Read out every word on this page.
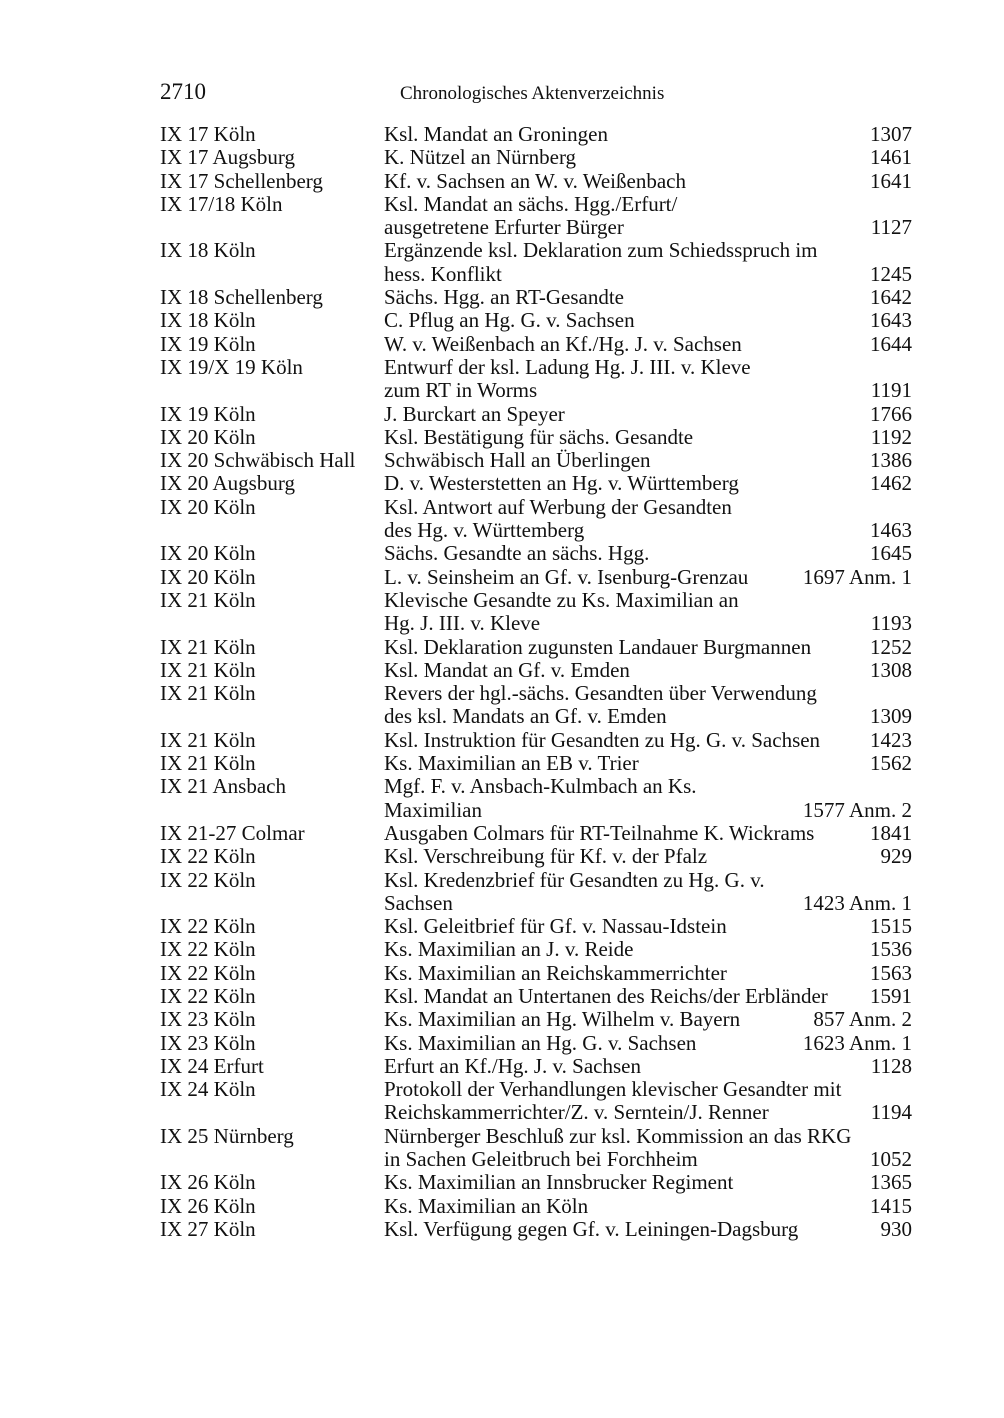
2710	Chronologisches Aktenverzeichnis
IX 17 Köln	Ksl. Mandat an Groningen	1307
IX 17 Augsburg	K. Nützel an Nürnberg	1461
IX 17 Schellenberg	Kf. v. Sachsen an W. v. Weißenbach	1641
IX 17/18 Köln	Ksl. Mandat an sächs. Hgg./Erfurt/
ausgetretene Erfurter Bürger	1127
IX 18 Köln	Ergänzende ksl. Deklaration zum Schiedsspruch im
hess. Konflikt	1245
IX 18 Schellenberg	Sächs. Hgg. an RT-Gesandte	1642
IX 18 Köln	C. Pflug an Hg. G. v. Sachsen	1643
IX 19 Köln	W. v. Weißenbach an Kf./Hg. J. v. Sachsen	1644
IX 19/X 19 Köln	Entwurf der ksl. Ladung Hg. J. III. v. Kleve
zum RT in Worms	1191
IX 19 Köln	J. Burckart an Speyer	1766
IX 20 Köln	Ksl. Bestätigung für sächs. Gesandte	1192
IX 20 Schwäbisch Hall	Schwäbisch Hall an Überlingen	1386
IX 20 Augsburg	D. v. Westerstetten an Hg. v. Württemberg	1462
IX 20 Köln	Ksl. Antwort auf Werbung der Gesandten
des Hg. v. Württemberg	1463
IX 20 Köln	Sächs. Gesandte an sächs. Hgg.	1645
IX 20 Köln	L. v. Seinsheim an Gf. v. Isenburg-Grenzau	1697 Anm. 1
IX 21 Köln	Klevische Gesandte zu Ks. Maximilian an
Hg. J. III. v. Kleve	1193
IX 21 Köln	Ksl. Deklaration zugunsten Landauer Burgmannen	1252
IX 21 Köln	Ksl. Mandat an Gf. v. Emden	1308
IX 21 Köln	Revers der hgl.-sächs. Gesandten über Verwendung
des ksl. Mandats an Gf. v. Emden	1309
IX 21 Köln	Ksl. Instruktion für Gesandten zu Hg. G. v. Sachsen	1423
IX 21 Köln	Ks. Maximilian an EB v. Trier	1562
IX 21 Ansbach	Mgf. F. v. Ansbach-Kulmbach an Ks.
Maximilian	1577 Anm. 2
IX 21-27 Colmar	Ausgaben Colmars für RT-Teilnahme K. Wickrams	1841
IX 22 Köln	Ksl. Verschreibung für Kf. v. der Pfalz	929
IX 22 Köln	Ksl. Kredenzbrief für Gesandten zu Hg. G. v.
Sachsen	1423 Anm. 1
IX 22 Köln	Ksl. Geleitbrief für Gf. v. Nassau-Idstein	1515
IX 22 Köln	Ks. Maximilian an J. v. Reide	1536
IX 22 Köln	Ks. Maximilian an Reichskammerrichter	1563
IX 22 Köln	Ksl. Mandat an Untertanen des Reichs/der Erbländer	1591
IX 23 Köln	Ks. Maximilian an Hg. Wilhelm v. Bayern	857 Anm. 2
IX 23 Köln	Ks. Maximilian an Hg. G. v. Sachsen	1623 Anm. 1
IX 24 Erfurt	Erfurt an Kf./Hg. J. v. Sachsen	1128
IX 24 Köln	Protokoll der Verhandlungen klevischer Gesandter mit
Reichskammerrichter/Z. v. Serntein/J. Renner	1194
IX 25 Nürnberg	Nürnberger Beschluß zur ksl. Kommission an das RKG
in Sachen Geleitbruch bei Forchheim	1052
IX 26 Köln	Ks. Maximilian an Innsbrucker Regiment	1365
IX 26 Köln	Ks. Maximilian an Köln	1415
IX 27 Köln	Ksl. Verfügung gegen Gf. v. Leiningen-Dagsburg	930
